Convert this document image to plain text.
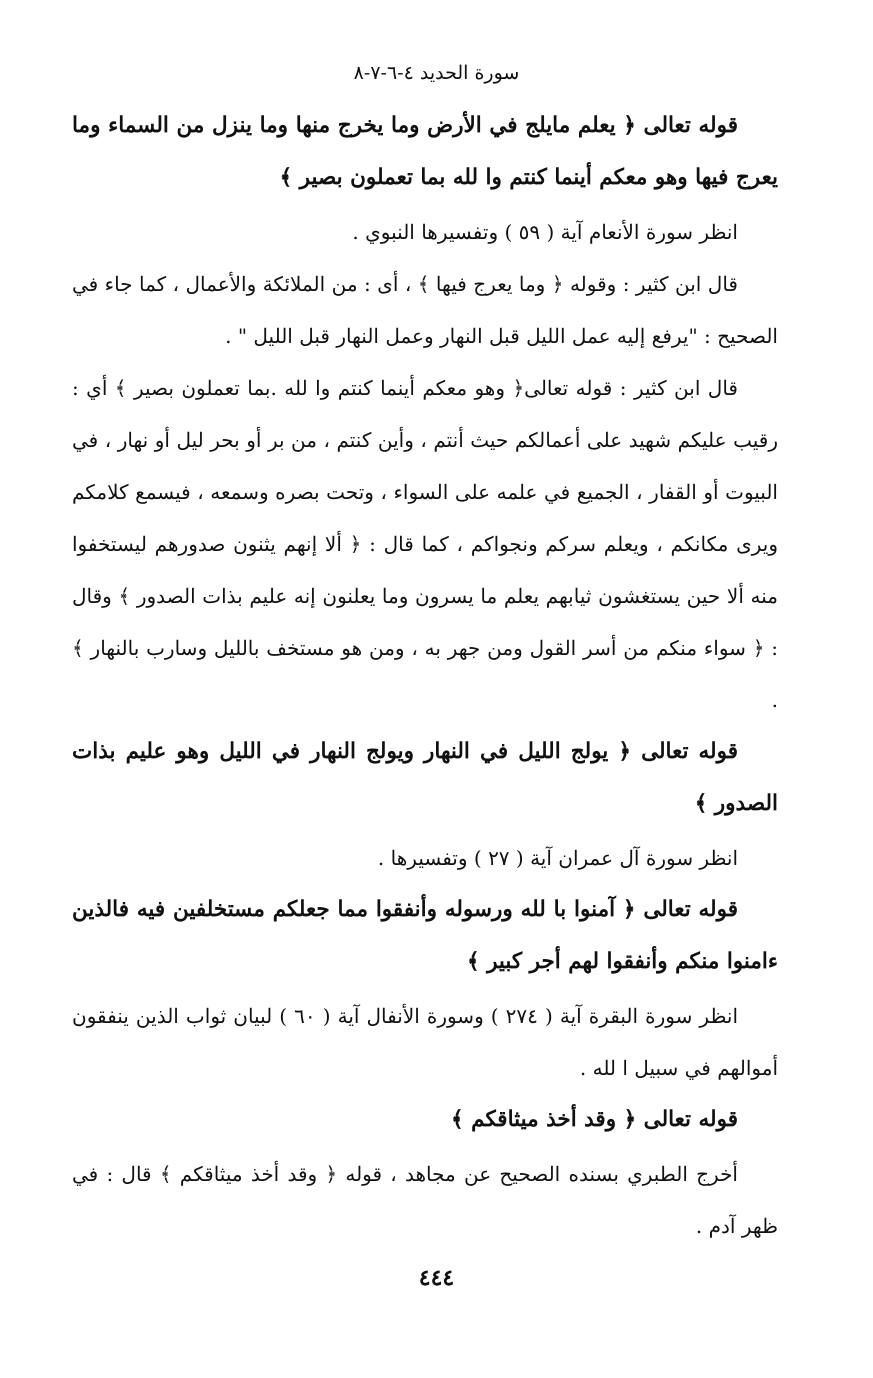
سورة الحديد ٤-٦-٧-٨

قوله تعالى ﴿ يعلم مايلج في الأرض وما يخرج منها وما ينزل من السماء وما يعرج فيها وهو معكم أينما كنتم وا لله بما تعملون بصير ﴾

انظر سورة الأنعام آية ( ٥٩ ) وتفسيرها النبوي .

قال ابن كثير : وقوله ﴿ وما يعرج فيها ﴾ ، أى : من الملائكة والأعمال ، كما جاء في الصحيح : "يرفع إليه عمل الليل قبل النهار وعمل النهار قبل الليل " .

قال ابن كثير : قوله تعالى﴿ وهو معكم أينما كنتم وا لله .بما تعملون بصير ﴾ أي : رقيب عليكم شهيد على أعمالكم حيث أنتم ، وأين كنتم ، من بر أو بحر ليل أو نهار ، في البيوت أو القفار ، الجميع في علمه على السواء ، وتحت بصره وسمعه ، فيسمع كلامكم ويرى مكانكم ، ويعلم سركم ونجواكم ، كما قال : ﴿ ألا إنهم يثنون صدورهم ليستخفوا منه ألا حين يستغشون ثيابهم يعلم ما يسرون وما يعلنون إنه عليم بذات الصدور ﴾ وقال : ﴿ سواء منكم من أسر القول ومن جهر به ، ومن هو مستخف بالليل وسارب بالنهار ﴾ .

قوله تعالى ﴿ يولج الليل في النهار ويولج النهار في الليل وهو عليم بذات الصدور ﴾

انظر سورة آل عمران آية ( ٢٧ ) وتفسيرها .

قوله تعالى ﴿ آمنوا با لله ورسوله وأنفقوا مما جعلكم مستخلفين فيه فالذين ءامنوا منكم وأنفقوا لهم أجر كبير ﴾

انظر سورة البقرة آية ( ٢٧٤ ) وسورة الأنفال آية ( ٦٠ ) لبيان ثواب الذين ينفقون أموالهم في سبيل ا لله .

قوله تعالى ﴿ وقد أخذ ميثاقكم ﴾

أخرج الطبري بسنده الصحيح عن مجاهد ، قوله ﴿ وقد أخذ ميثاقكم ﴾ قال : في ظهر آدم .

٤٤٤
